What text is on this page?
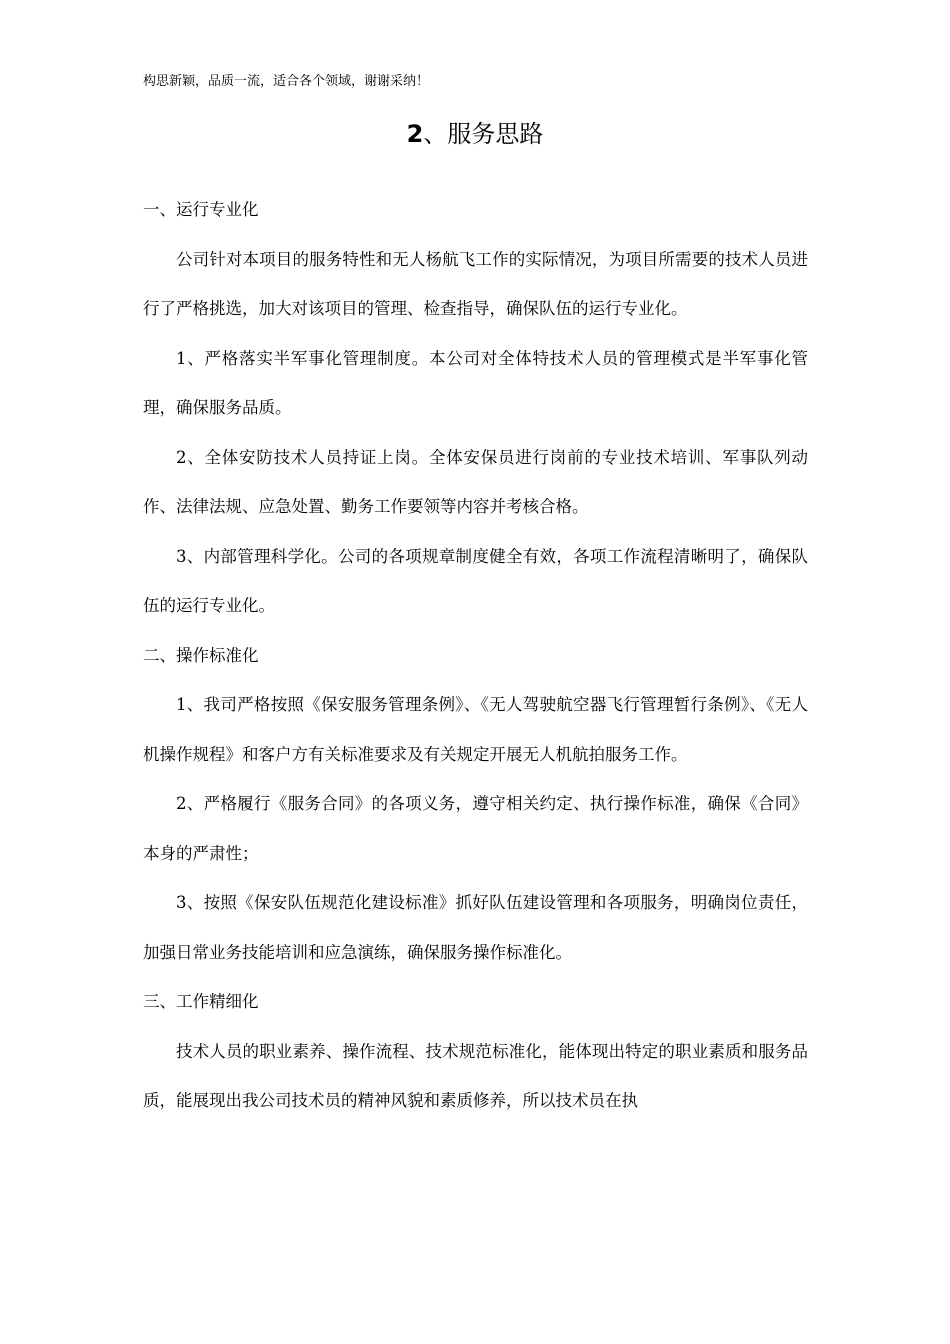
构思新颖，品质一流，适合各个领域，谢谢采纳！
2、服务思路

一、运行专业化

公司针对本项目的服务特性和无人杨航飞工作的实际情况，为项目所需要的技术人员进行了严格挑选，加大对该项目的管理、检查指导，确保队伍的运行专业化。

1、严格落实半军事化管理制度。本公司对全体特技术人员的管理模式是半军事化管理，确保服务品质。

2、全体安防技术人员持证上岗。全体安保员进行岗前的专业技术培训、军事队列动作、法律法规、应急处置、勤务工作要领等内容并考核合格。

3、内部管理科学化。公司的各项规章制度健全有效，各项工作流程清晰明了，确保队伍的运行专业化。

二、操作标准化

1、我司严格按照《保安服务管理条例》、《无人驾驶航空器飞行管理暂行条例》、《无人机操作规程》和客户方有关标准要求及有关规定开展无人机航拍服务工作。

2、严格履行《服务合同》的各项义务，遵守相关约定、执行操作标准，确保《合同》本身的严肃性；

3、按照《保安队伍规范化建设标准》抓好队伍建设管理和各项服务，明确岗位责任，加强日常业务技能培训和应急演练，确保服务操作标准化。

三、工作精细化

技术人员的职业素养、操作流程、技术规范标准化，能体现出特定的职业素质和服务品质，能展现出我公司技术员的精神风貌和素质修养，所以技术员在执
